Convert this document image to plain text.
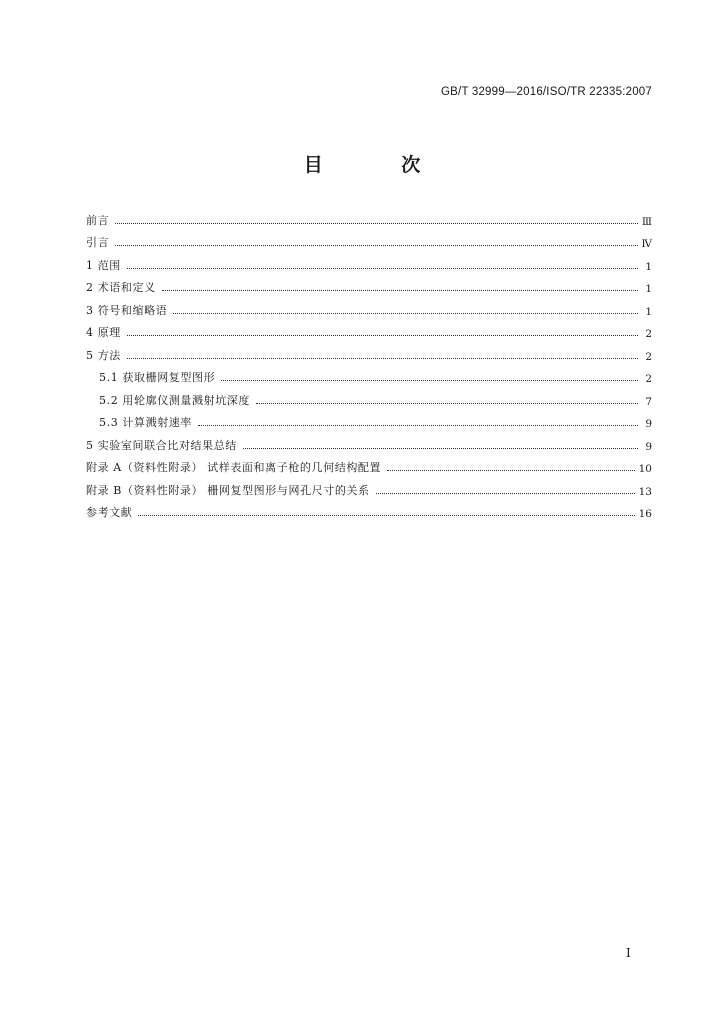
GB/T 32999—2016/ISO/TR 22335:2007
目 次
前言	Ⅲ
引言	Ⅳ
1 范围	1
2 术语和定义	1
3 符号和缩略语	1
4 原理	2
5 方法	2
5.1 获取栅网复型图形	2
5.2 用轮廓仪测量溅射坑深度	7
5.3 计算溅射速率	9
5 实验室间联合比对结果总结	9
附录 A（资料性附录） 试样表面和离子枪的几何结构配置	10
附录 B（资料性附录） 栅网复型图形与网孔尺寸的关系	13
参考文献	16
I
